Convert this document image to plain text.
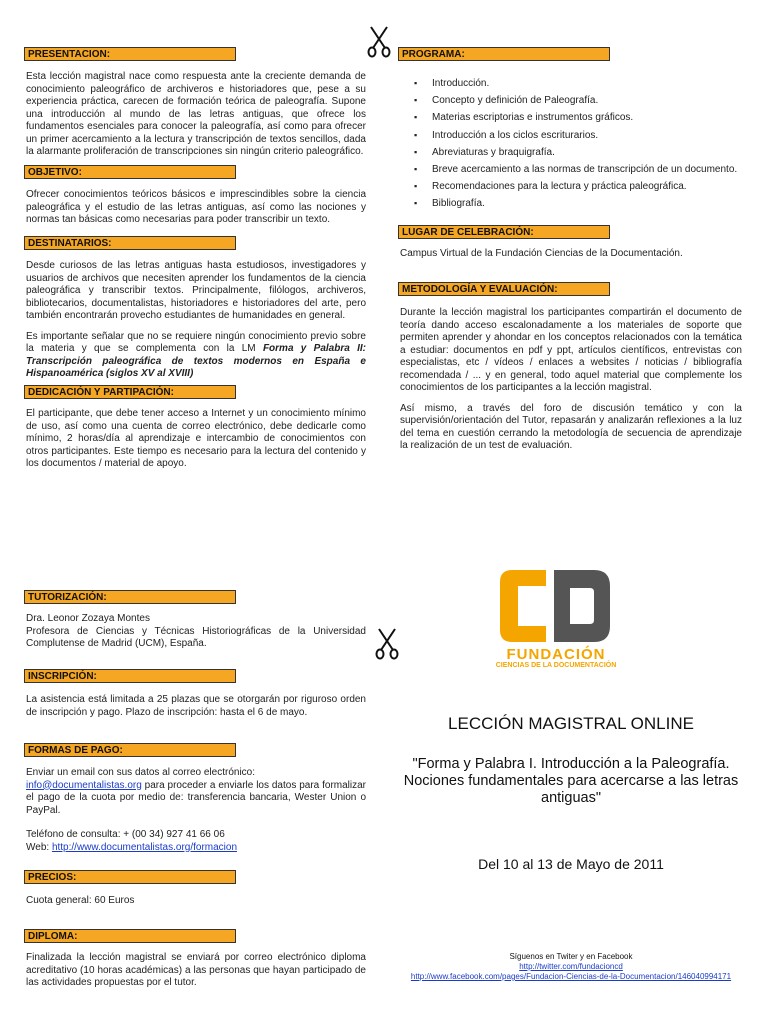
PRESENTACION:
Esta lección magistral nace como respuesta ante la creciente demanda de conocimiento paleográfico de archiveros e historiadores que, pese a su experiencia práctica, carecen de formación teórica de paleografía. Supone una introducción al mundo de las letras antiguas, que ofrece los fundamentos esenciales para conocer la paleografía, así como para ofrecer un primer acercamiento a la lectura y transcripción de textos sencillos, dada la alarmante proliferación de transcripciones sin ningún criterio paleográfico.
OBJETIVO:
Ofrecer conocimientos teóricos básicos e imprescindibles sobre la ciencia paleográfica y el estudio de las letras antiguas, así como las nociones y normas tan básicas como necesarias para poder transcribir un texto.
DESTINATARIOS:

Desde curiosos de las letras antiguas hasta estudiosos, investigadores y usuarios de archivos que necesiten aprender los fundamentos de la ciencia paleográfica y transcribir textos. Principalmente, filólogos, archiveros, bibliotecarios, documentalistas, historiadores e historiadores del arte, pero también encontrarán provecho estudiantes de humanidades en general.

Es importante señalar que no se requiere ningún conocimiento previo sobre la materia y que se complementa con la LM Forma y Palabra II: Transcripción paleográfica de textos modernos en España e Hispanoamérica (siglos XV al XVIII)

DEDICACIÓN Y PARTIPACIÓN:
El participante, que debe tener acceso a Internet y un conocimiento mínimo de uso, así como una cuenta de correo electrónico, debe dedicarle como mínimo, 2 horas/día al aprendizaje e intercambio de conocimientos con otros participantes. Este tiempo es necesario para la lectura del contenido y los documentos / material de apoyo.
TUTORIZACIÓN:
Dra. Leonor Zozaya Montes
Profesora de Ciencias y Técnicas Historiográficas de la Universidad Complutense de Madrid (UCM), España.
INSCRIPCIÓN:
La asistencia está limitada a 25 plazas que se otorgarán por riguroso orden de inscripción y pago. Plazo de inscripción: hasta el 6 de mayo.
FORMAS DE PAGO:
Enviar un email con sus datos al correo electrónico:

info@documentalistas.org para proceder a enviarle los datos para formalizar el pago de la cuota por medio de: transferencia bancaria, Wester Union o PayPal.

Teléfono de consulta: + (00 34) 927 41 66 06
Web: http://www.documentalistas.org/formacion
PRECIOS:
Cuota general: 60 Euros
DIPLOMA:
Finalizada la lección magistral se enviará por correo electrónico diploma acreditativo (10 horas académicas) a las personas que hayan participado de las actividades propuestas por el tutor.
PROGRAMA:
▪ Introducción.
▪ Concepto y definición de Paleografía.
▪ Materias escriptorias e instrumentos gráficos.
▪ Introducción a los ciclos escriturarios.
▪ Abreviaturas y braquigrafía.
▪ Breve acercamiento a las normas de transcripción de un documento.
▪ Recomendaciones para la lectura y práctica paleográfica.
▪ Bibliografía.
LUGAR DE CELEBRACIÓN:
Campus Virtual de la Fundación Ciencias de la Documentación.
METODOLOGÍA Y EVALUACIÓN:

Durante la lección magistral los participantes compartirán el documento de teoría dando acceso escalonadamente a los materiales de soporte que permiten aprender y ahondar en los conceptos relacionados con la temática a estudiar: documentos en pdf y ppt, artículos científicos, entrevistas con especialistas, etc / vídeos / enlaces a websites / noticias / bibliografía recomendada / ... y en general, todo aquel material que complemente los conocimientos de los participantes a la lección magistral.

Así mismo, a través del foro de discusión temático y con la supervisión/orientación del Tutor, repasarán y analizarán reflexiones a la luz del tema en cuestión cerrando la metodología de secuencia de aprendizaje la realización de un test de evaluación.

FUNDACIÓN
CIENCIAS DE LA DOCUMENTACIÓN
LECCIÓN MAGISTRAL ONLINE
"Forma y Palabra I. Introducción a la Paleografía. Nociones fundamentales para acercarse a las letras antiguas"
Del 10 al 13 de Mayo de 2011
Síguenos en Twiter y en Facebook
http://twitter.com/fundacioncd
http://www.facebook.com/pages/Fundacion-Ciencias-de-la-Documentacion/146040994171
